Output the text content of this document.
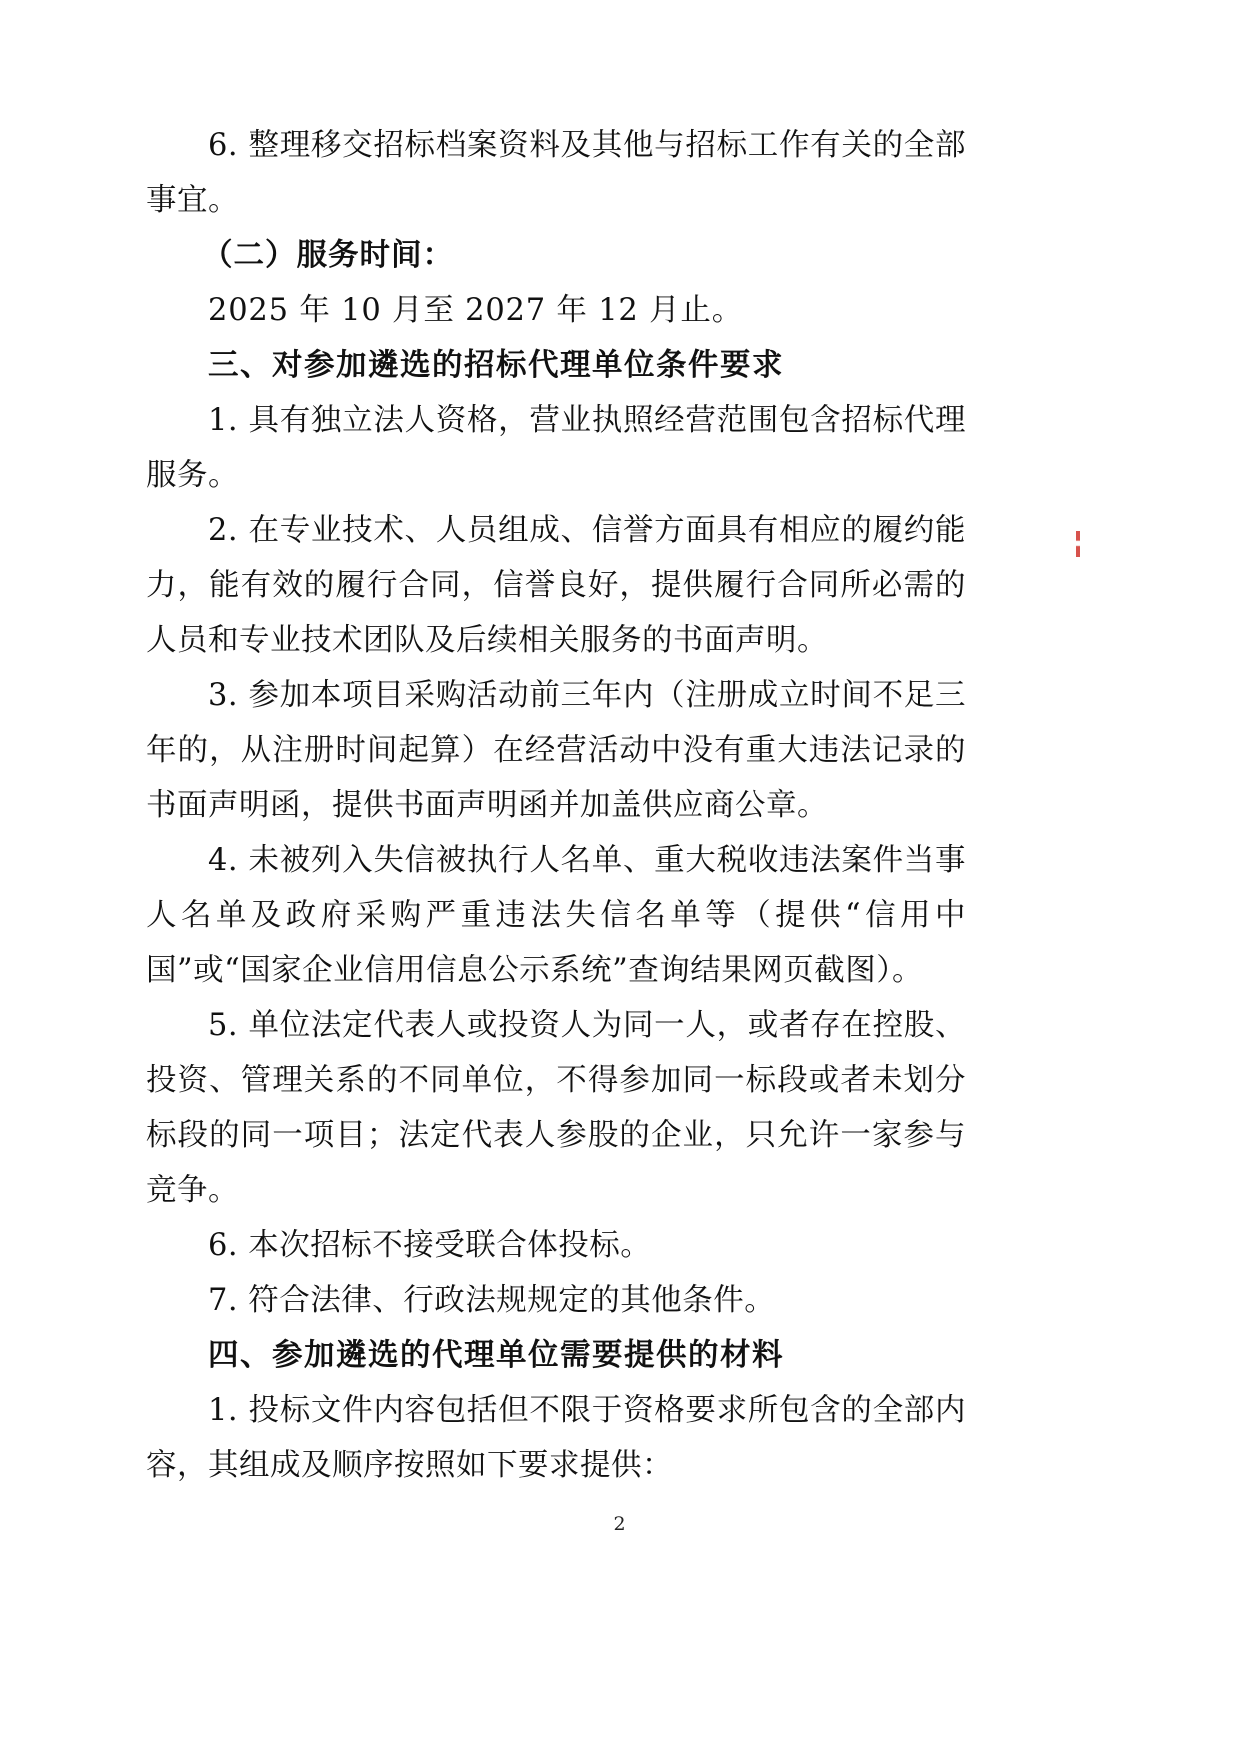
6. 整理移交招标档案资料及其他与招标工作有关的全部事宜。

（二）服务时间：

2025 年 10 月至 2027 年 12 月止。

三、对参加遴选的招标代理单位条件要求

1. 具有独立法人资格，营业执照经营范围包含招标代理服务。

2. 在专业技术、人员组成、信誉方面具有相应的履约能力，能有效的履行合同，信誉良好，提供履行合同所必需的人员和专业技术团队及后续相关服务的书面声明。

3. 参加本项目采购活动前三年内（注册成立时间不足三年的，从注册时间起算）在经营活动中没有重大违法记录的书面声明函，提供书面声明函并加盖供应商公章。

4. 未被列入失信被执行人名单、重大税收违法案件当事人名单及政府采购严重违法失信名单等（提供“信用中国”或“国家企业信用信息公示系统”查询结果网页截图）。

5. 单位法定代表人或投资人为同一人，或者存在控股、投资、管理关系的不同单位，不得参加同一标段或者未划分标段的同一项目；法定代表人参股的企业，只允许一家参与竞争。

6. 本次招标不接受联合体投标。

7. 符合法律、行政法规规定的其他条件。

四、参加遴选的代理单位需要提供的材料

1. 投标文件内容包括但不限于资格要求所包含的全部内容，其组成及顺序按照如下要求提供：

2
